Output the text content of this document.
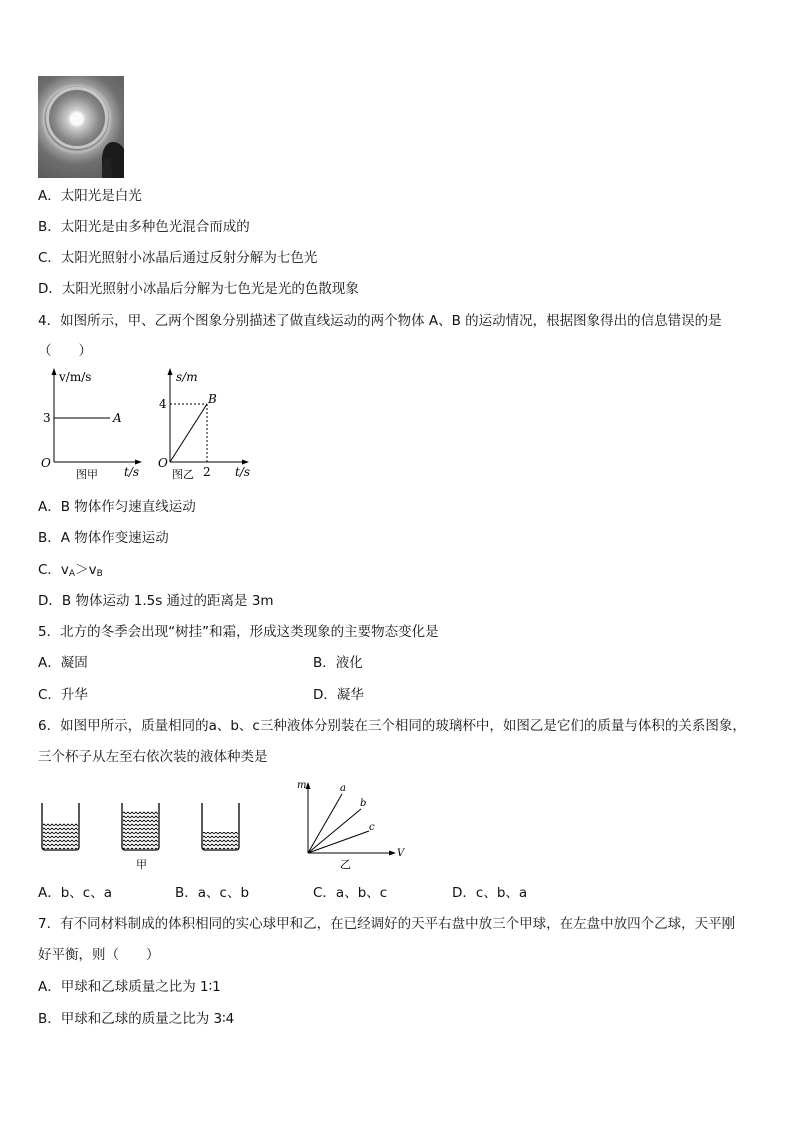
A．太阳光是白光
B．太阳光是由多种色光混合而成的
C．太阳光照射小冰晶后通过反射分解为七色光
D．太阳光照射小冰晶后分解为七色光是光的色散现象
4．如图所示，甲、乙两个图象分别描述了做直线运动的两个物体 A、B 的运动情况，根据图象得出的信息错误的是
（　　）
v/m/s
3	A
O
t/s
图甲
s/m
4	B
O
2 t/s
图乙
A．B 物体作匀速直线运动
B．A 物体作变速运动
C．$v_A>v_B$
D．B 物体运动 1.5s 通过的距离是 3m
5．北方的冬季会出现“树挂”和霜，形成这类现象的主要物态变化是
A．凝固	B．液化
C．升华	D．凝华
6．如图甲所示，质量相同的a、b、c三种液体分别装在三个相同的玻璃杯中，如图乙是它们的质量与体积的关系图象，
三个杯子从左至右依次装的液体种类是
甲
m	a
b
c
V
乙
A．b、c、a	B．a、c、b	C．a、b、c	D．c、b、a
7．有不同材料制成的体积相同的实心球甲和乙，在已经调好的天平右盘中放三个甲球，在左盘中放四个乙球，天平刚
好平衡，则（　　）
A．甲球和乙球质量之比为 1∶1
B．甲球和乙球的质量之比为 3∶4
